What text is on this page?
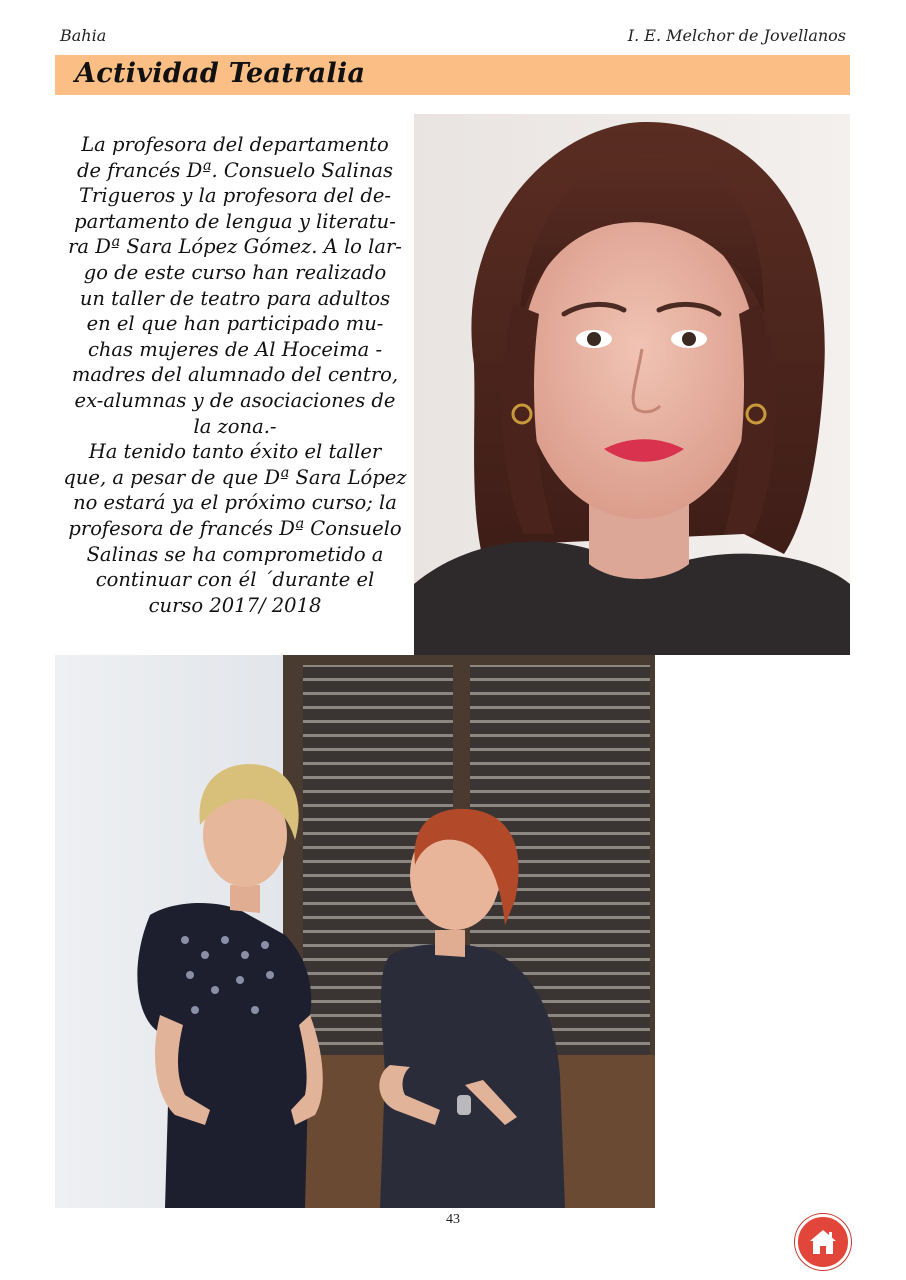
Bahia	I. E. Melchor de Jovellanos
Actividad Teatralia
La profesora del departamento
de francés Dª. Consuelo Salinas
Trigueros y la profesora del de-
partamento de lengua y literatu-
ra Dª Sara López Gómez. A lo lar-
go de este curso han realizado
un taller de teatro para adultos
en el que han participado mu-
chas mujeres de Al Hoceima -
madres del alumnado del centro,
ex-alumnas y de asociaciones de
la zona.-
Ha tenido tanto éxito el taller
que, a pesar de que Dª Sara López
no estará ya el próximo curso; la
profesora de francés Dª Consuelo
Salinas se ha comprometido a
continuar con él ´durante el
curso 2017/ 2018
43
